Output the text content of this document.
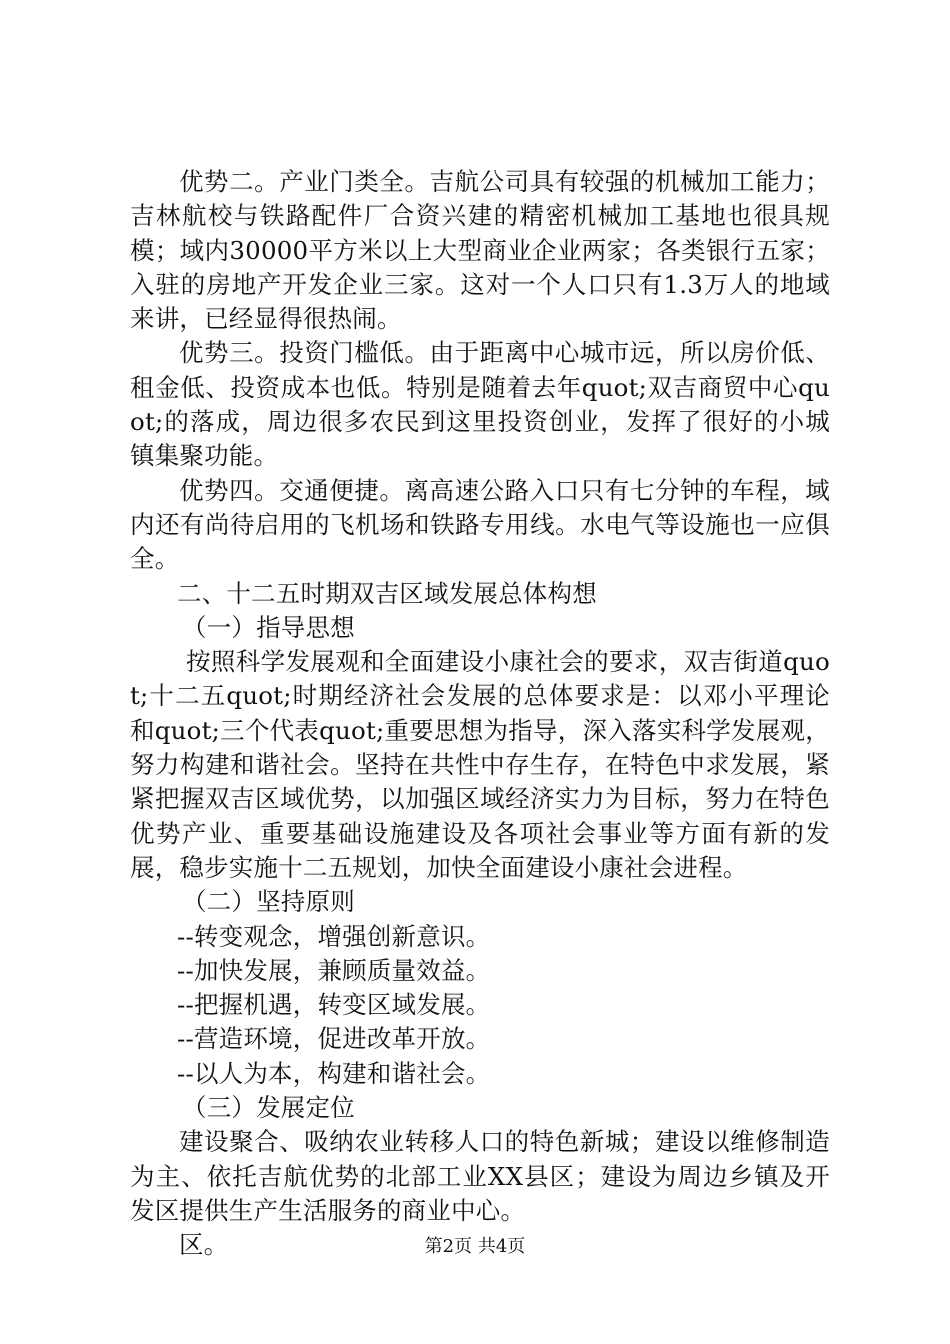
优势二。产业门类全。吉航公司具有较强的机械加工能力；吉林航校与铁路配件厂合资兴建的精密机械加工基地也很具规模；域内30000平方米以上大型商业企业两家；各类银行五家；入驻的房地产开发企业三家。这对一个人口只有1.3万人的地域来讲，已经显得很热闹。

优势三。投资门槛低。由于距离中心城市远，所以房价低、租金低、投资成本也低。特别是随着去年quot;双吉商贸中心quot;的落成，周边很多农民到这里投资创业，发挥了很好的小城镇集聚功能。

优势四。交通便捷。离高速公路入口只有七分钟的车程，域内还有尚待启用的飞机场和铁路专用线。水电气等设施也一应俱全。

二、十二五时期双吉区域发展总体构想

（一）指导思想

按照科学发展观和全面建设小康社会的要求，双吉街道quot;十二五quot;时期经济社会发展的总体要求是：以邓小平理论和quot;三个代表quot;重要思想为指导，深入落实科学发展观，努力构建和谐社会。坚持在共性中存生存，在特色中求发展，紧紧把握双吉区域优势，以加强区域经济实力为目标，努力在特色优势产业、重要基础设施建设及各项社会事业等方面有新的发展，稳步实施十二五规划，加快全面建设小康社会进程。

（二）坚持原则

--转变观念，增强创新意识。

--加快发展，兼顾质量效益。

--把握机遇，转变区域发展。

--营造环境，促进改革开放。

--以人为本，构建和谐社会。

（三）发展定位

建设聚合、吸纳农业转移人口的特色新城；建设以维修制造为主、依托吉航优势的北部工业XX县区；建设为周边乡镇及开发区提供生产生活服务的商业中心。

区。	第2页 共4页
